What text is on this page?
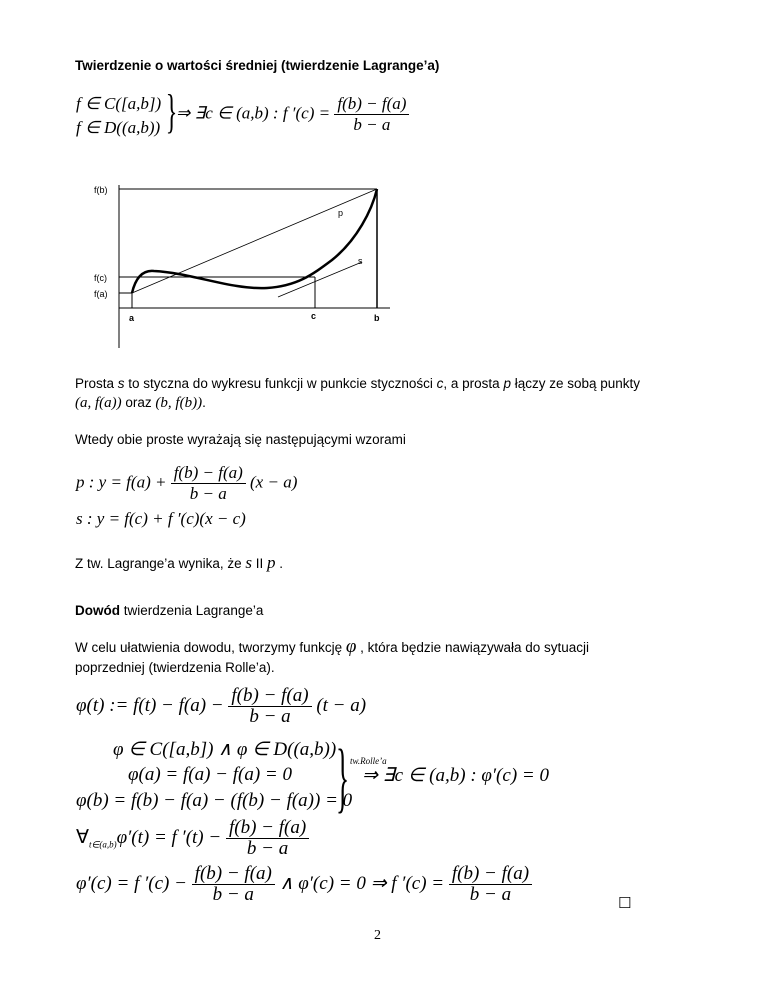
Twierdzenie o wartości średniej (twierdzenie Lagrange’a)
f ∈ C([a,b])
f ∈ D((a,b)) }
⇒ ∃c ∈ (a,b) : f $'(c) = \frac{f(b) - f(a)}{b - a}$
f(b)
f(c)
f(a)
a	c	b
p
s
Prosta s to styczna do wykresu funkcji w punkcie styczności c, a prosta p łączy ze sobą punkty
(a, f(a)) oraz (b, f(b)).
Wtedy obie proste wyrażają się następującymi wzorami
p : $y = f(a) + \frac{f(b) - f(a)}{b - a} (x - a)$
s : y = f(c) + f ′(c)(x − c)
Z tw. Lagrange’a wynika, że s II p .
Dowód twierdzenia Lagrange’a
W celu ułatwienia dowodu, tworzymy funkcję φ , która będzie nawiązywała do sytuacji
poprzedniej (twierdzenia Rolle’a).
φ(t) := $f(t) - f(a) - \frac{f(b) - f(a)}{b - a} (t - a)$
φ ∈ C([a,b]) ∧ φ ∈ D((a,b))
φ(a) = f(a) − f(a) = 0
φ(b) = f(b) − f(a) − (f(b) − f(a)) = 0
} tw.Rolle’a
⇒ ∃c ∈ (a,b) : φ′(c) = 0
$\forall_{t\in(a,b)}\varphi'(t) = f$ $'(t) - \frac{f(b) - f(a)}{b - a}$
φ′(c) = f $'(c) - \frac{f(b) - f(a)}{b - a}$ ∧ φ′(c) = 0 ⇒ f $'(c) = \frac{f(b) - f(a)}{b - a}$	☐
2
